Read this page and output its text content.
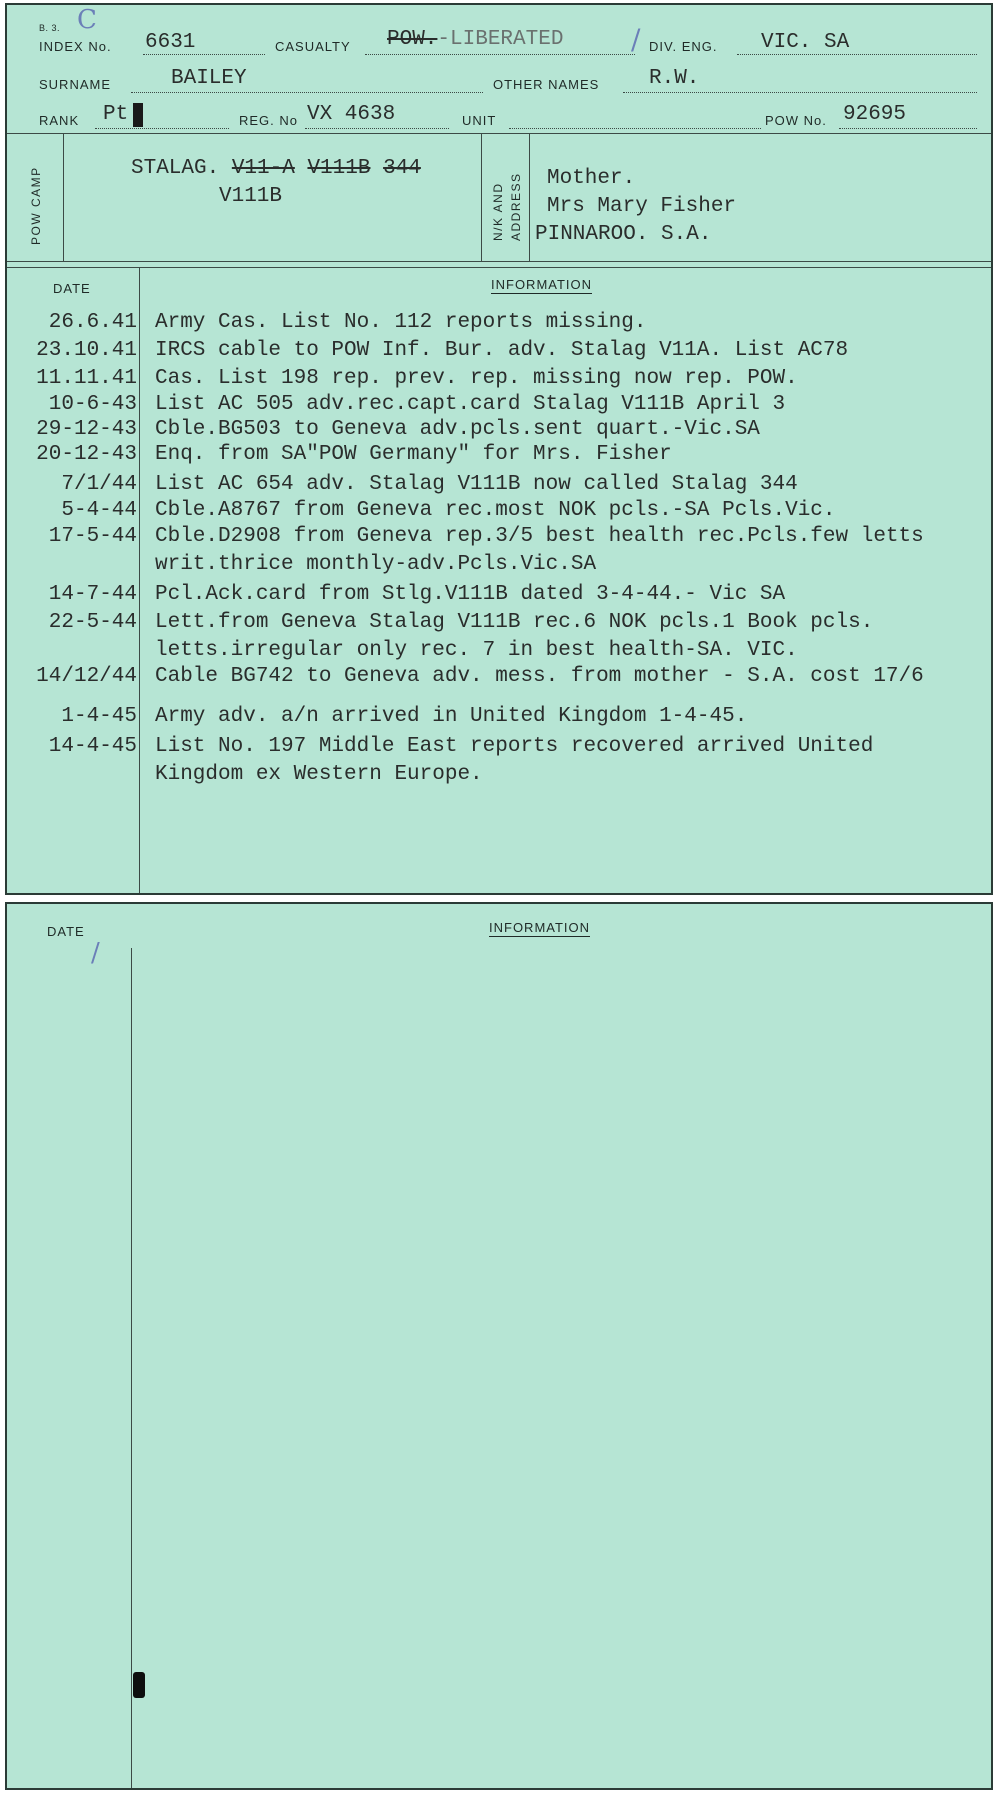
B. 3. C
INDEX No. 6631	CASUALTY POW.-LIBERATED / DIV. ENG. VIC. SA
SURNAME	BAILEY	OTHER NAMES R.W.
RANK Pt	REG. No VX 4638	UNIT	POW No. 92695
POW CAMP	N/K AND ADDRESS
STALAG. V11-A V111B 344
V111B
Mother.
Mrs Mary Fisher
PINNAROO. S.A.
DATE	INFORMATION
26.6.41 Army Cas. List No. 112 reports missing.
23.10.41 IRCS cable to POW Inf. Bur. adv. Stalag V11A. List AC78
11.11.41 Cas. List 198 rep. prev. rep. missing now rep. POW.
10-6-43 List AC 505 adv.rec.capt.card Stalag V111B April 3
29-12-43 Cble.BG503 to Geneva adv.pcls.sent quart.-Vic.SA
20-12-43 Enq. from SA"POW Germany" for Mrs. Fisher
7/1/44 List AC 654 adv. Stalag V111B now called Stalag 344
5-4-44 Cble.A8767 from Geneva rec.most NOK pcls.-SA Pcls.Vic.
17-5-44 Cble.D2908 from Geneva rep.3/5 best health rec.Pcls.few letts
writ.thrice monthly-adv.Pcls.Vic.SA
14-7-44 Pcl.Ack.card from Stlg.V111B dated 3-4-44.- Vic SA
22-5-44 Lett.from Geneva Stalag V111B rec.6 NOK pcls.1 Book pcls.
letts.irregular only rec. 7 in best health-SA. VIC.
14/12/44 Cable BG742 to Geneva adv. mess. from mother - S.A. cost 17/6
1-4-45 Army adv. a/n arrived in United Kingdom 1-4-45.
14-4-45 List No. 197 Middle East reports recovered arrived United
Kingdom ex Western Europe.
DATE	INFORMATION
/
